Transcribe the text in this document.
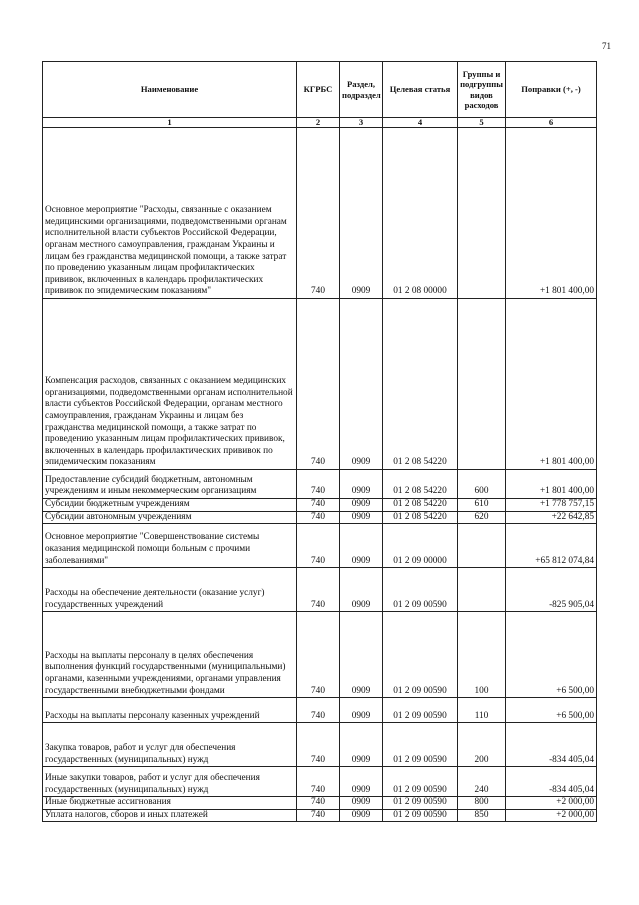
71
Наименование	КГРБС	Раздел, подраздел	Целевая статья	Группы и подгруппы видов расходов	Поправки (+, -)
1	2	3	4	5	6
Основное мероприятие "Расходы, связанные с оказанием медицинскими организациями, подведомственными органам исполнительной власти субъектов Российской Федерации, органам местного самоуправления, гражданам Украины и лицам без гражданства медицинской помощи, а также затрат по проведению указанным лицам профилактических прививок, включенных в календарь профилактических прививок по эпидемическим показаниям"	740	0909	01 2 08 00000		+1 801 400,00
Компенсация расходов, связанных с оказанием медицинских организациями, подведомственными органам исполнительной власти субъектов Российской Федерации, органам местного самоуправления, гражданам Украины и лицам без гражданства медицинской помощи, а также затрат по проведению указанным лицам профилактических прививок, включенных в календарь профилактических прививок по эпидемическим показаниям	740	0909	01 2 08 54220		+1 801 400,00
Предоставление субсидий бюджетным, автономным учреждениям и иным некоммерческим организациям	740	0909	01 2 08 54220	600	+1 801 400,00
Субсидии бюджетным учреждениям	740	0909	01 2 08 54220	610	+1 778 757,15
Субсидии автономным учреждениям	740	0909	01 2 08 54220	620	+22 642,85
Основное мероприятие "Совершенствование системы оказания медицинской помощи больным с прочими заболеваниями"	740	0909	01 2 09 00000		+65 812 074,84
Расходы на обеспечение деятельности (оказание услуг) государственных учреждений	740	0909	01 2 09 00590		-825 905,04
Расходы на выплаты персоналу в целях обеспечения выполнения функций государственными (муниципальными) органами, казенными учреждениями, органами управления государственными внебюджетными фондами	740	0909	01 2 09 00590	100	+6 500,00
Расходы на выплаты персоналу казенных учреждений	740	0909	01 2 09 00590	110	+6 500,00
Закупка товаров, работ и услуг для обеспечения государственных (муниципальных) нужд	740	0909	01 2 09 00590	200	-834 405,04
Иные закупки товаров, работ и услуг для обеспечения государственных (муниципальных) нужд	740	0909	01 2 09 00590	240	-834 405,04
Иные бюджетные ассигнования	740	0909	01 2 09 00590	800	+2 000,00
Уплата налогов, сборов и иных платежей	740	0909	01 2 09 00590	850	+2 000,00
